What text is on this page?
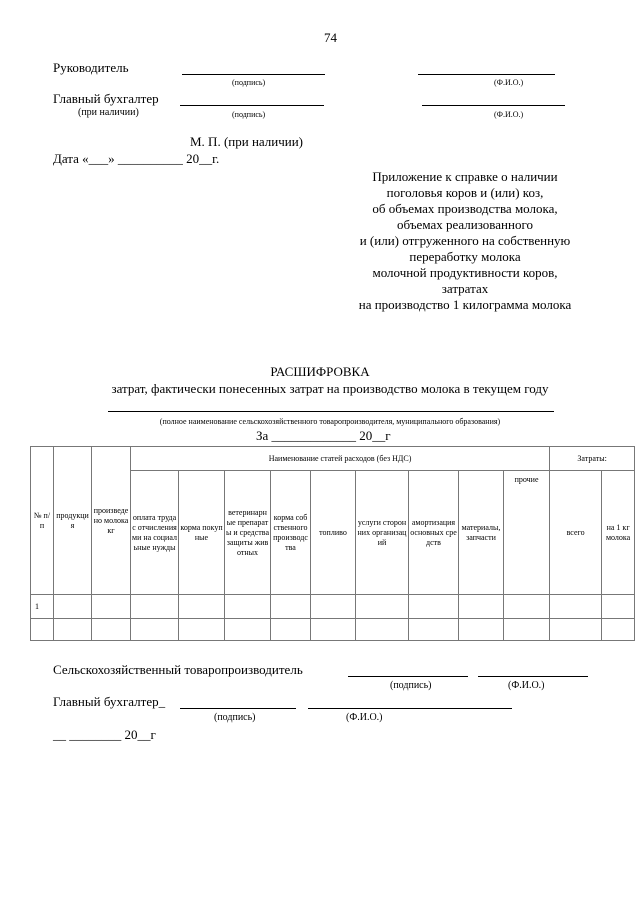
74
Руководитель
(подпись)	(Ф.И.О.)
Главный бухгалтер
(при наличии)	(подпись)	(Ф.И.О.)
М. П. (при наличии)
Дата «___» __________ 20__г.
Приложение к справке о наличии
поголовья коров и (или) коз,
об объемах производства молока,
объемах реализованного
и (или) отгруженного на собственную
переработку молока
молочной продуктивности коров,
затратах
на производство 1 килограмма молока
РАСШИФРОВКА
затрат, фактически понесенных затрат на производство молока в текущем году
(полное наименование сельскохозяйственного товаропроизводителя, муниципального образования)
За _____________ 20__г
№ п/п	продукция	произведено молока кг	Наименование статей расходов (без НДС)									Затраты:	
			оплата труда с отчислениями на социальные нужды	корма покупные	ветеринарные препараты и средства защиты животных	корма собственного производства	топливо	услуги сторонних организаций	амортизация основных средств	материалы, запчасти	прочие	всего	на 1 кг молока
1													

Сельскохозяйственный товаропроизводитель
(подпись)	(Ф.И.О.)
Главный бухгалтер_
(подпись)	(Ф.И.О.)
__ ________ 20__г
